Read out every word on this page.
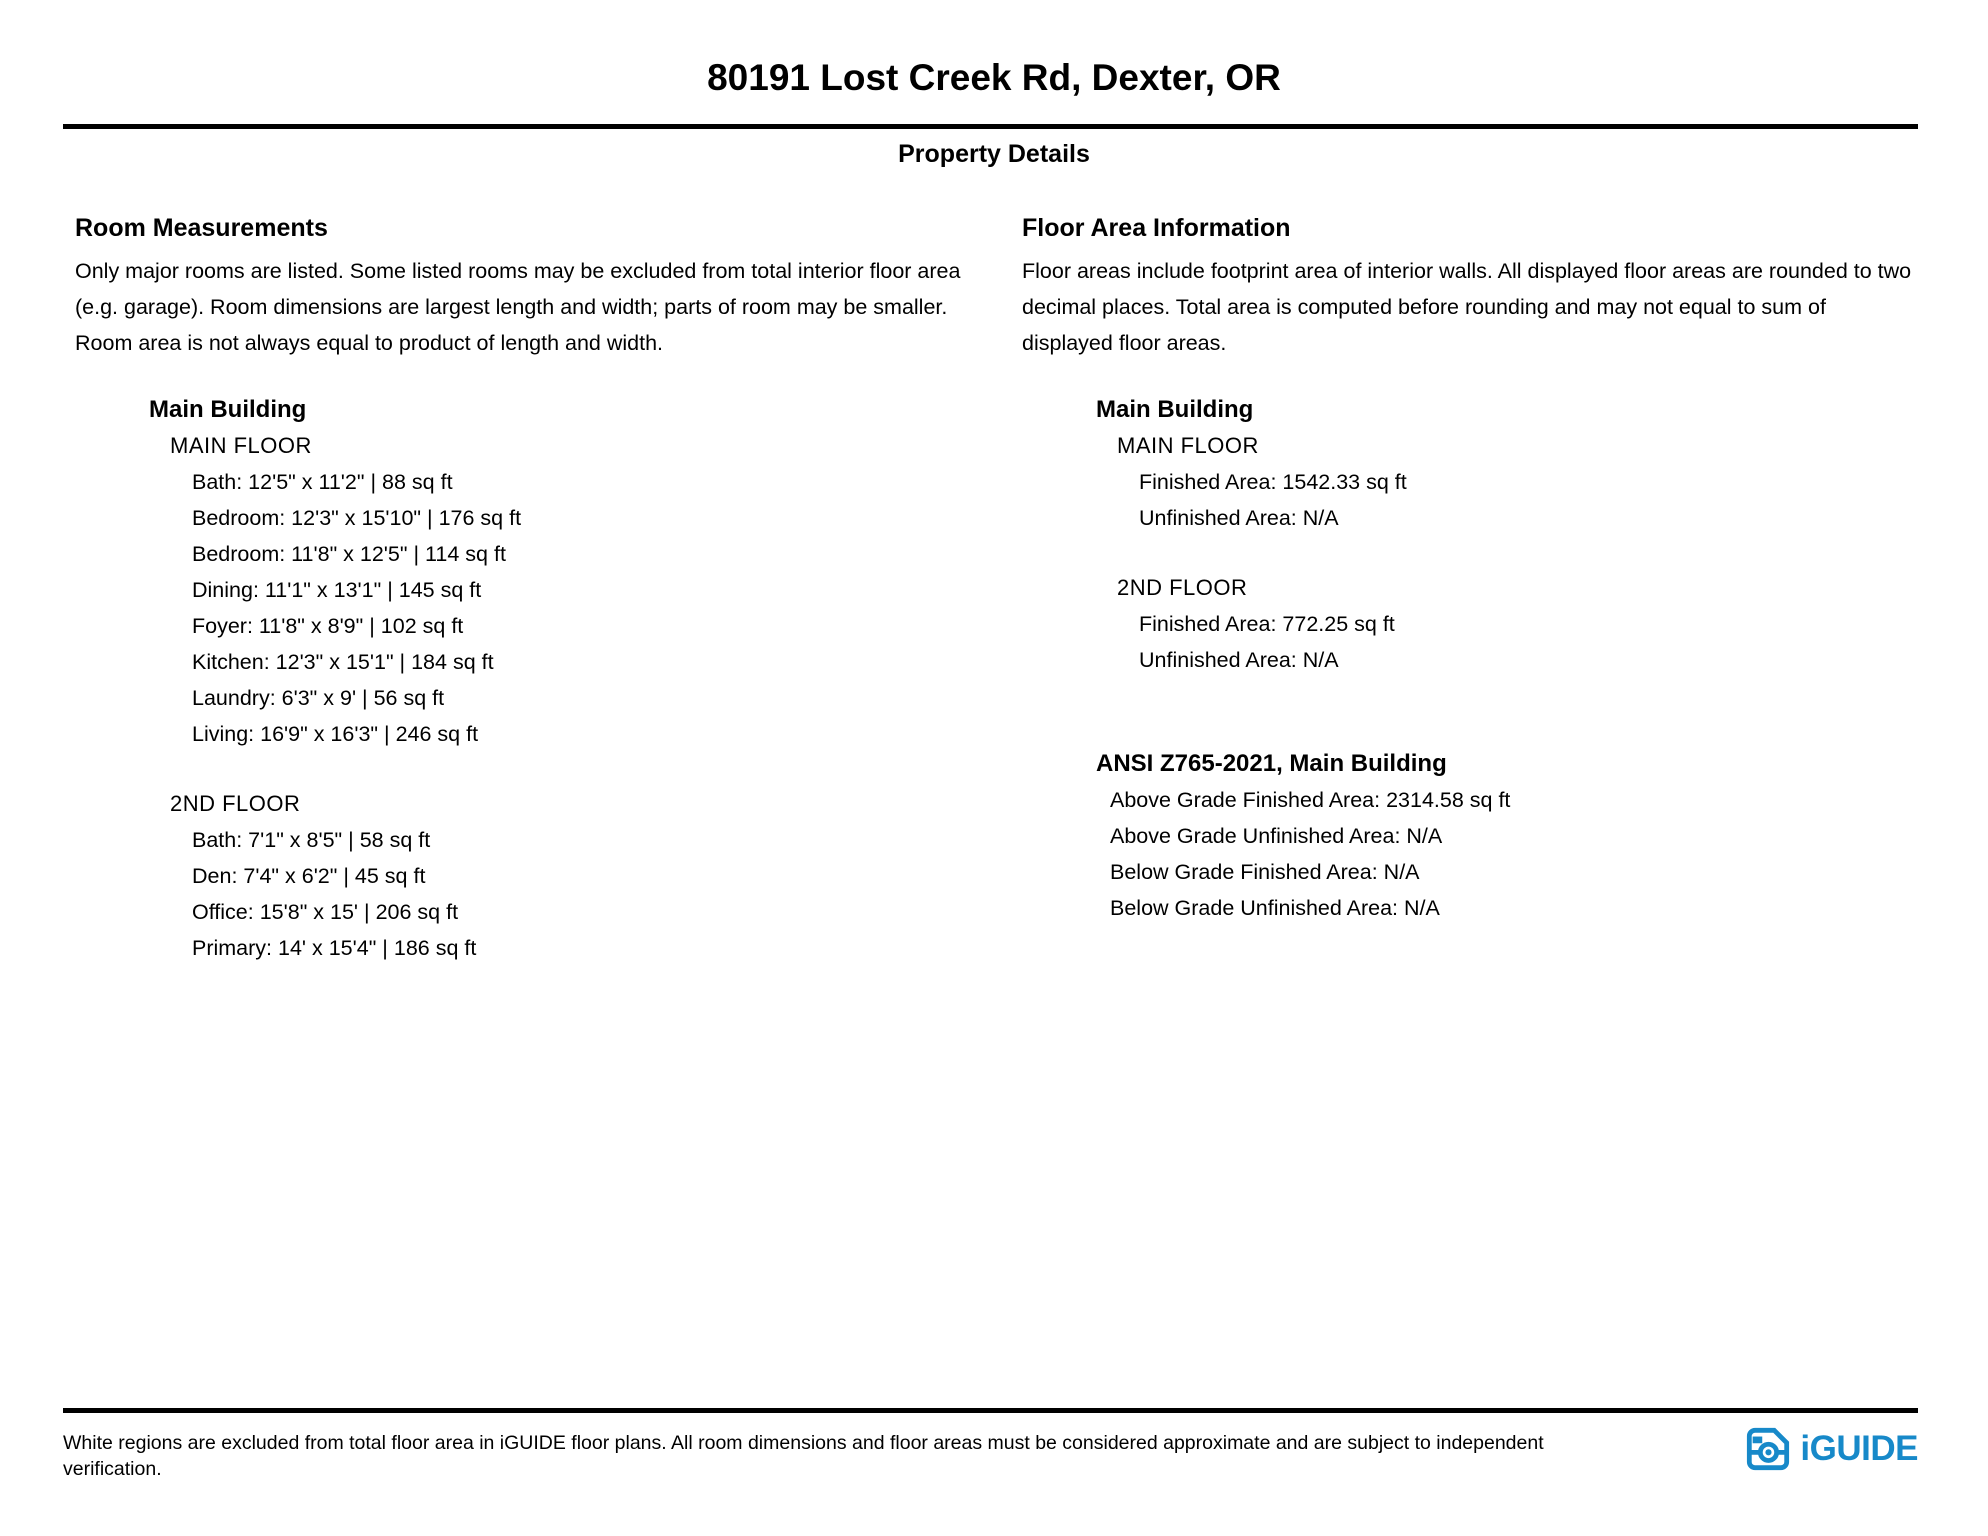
80191 Lost Creek Rd, Dexter, OR
Property Details
Room Measurements

Only major rooms are listed. Some listed rooms may be excluded from total interior floor area (e.g. garage). Room dimensions are largest length and width; parts of room may be smaller. Room area is not always equal to product of length and width.

Main Building
MAIN FLOOR
Bath: 12'5" x 11'2" | 88 sq ft
Bedroom: 12'3" x 15'10" | 176 sq ft
Bedroom: 11'8" x 12'5" | 114 sq ft
Dining: 11'1" x 13'1" | 145 sq ft
Foyer: 11'8" x 8'9" | 102 sq ft
Kitchen: 12'3" x 15'1" | 184 sq ft
Laundry: 6'3" x 9' | 56 sq ft
Living: 16'9" x 16'3" | 246 sq ft
2ND FLOOR
Bath: 7'1" x 8'5" | 58 sq ft
Den: 7'4" x 6'2" | 45 sq ft
Office: 15'8" x 15' | 206 sq ft
Primary: 14' x 15'4" | 186 sq ft
Floor Area Information

Floor areas include footprint area of interior walls. All displayed floor areas are rounded to two decimal places. Total area is computed before rounding and may not equal to sum of displayed floor areas.

Main Building
MAIN FLOOR
Finished Area: 1542.33 sq ft
Unfinished Area: N/A
2ND FLOOR
Finished Area: 772.25 sq ft
Unfinished Area: N/A
ANSI Z765-2021, Main Building
Above Grade Finished Area: 2314.58 sq ft
Above Grade Unfinished Area: N/A
Below Grade Finished Area: N/A
Below Grade Unfinished Area: N/A
White regions are excluded from total floor area in iGUIDE floor plans. All room dimensions and floor areas must be considered approximate and are subject to independent verification.
iGUIDE
